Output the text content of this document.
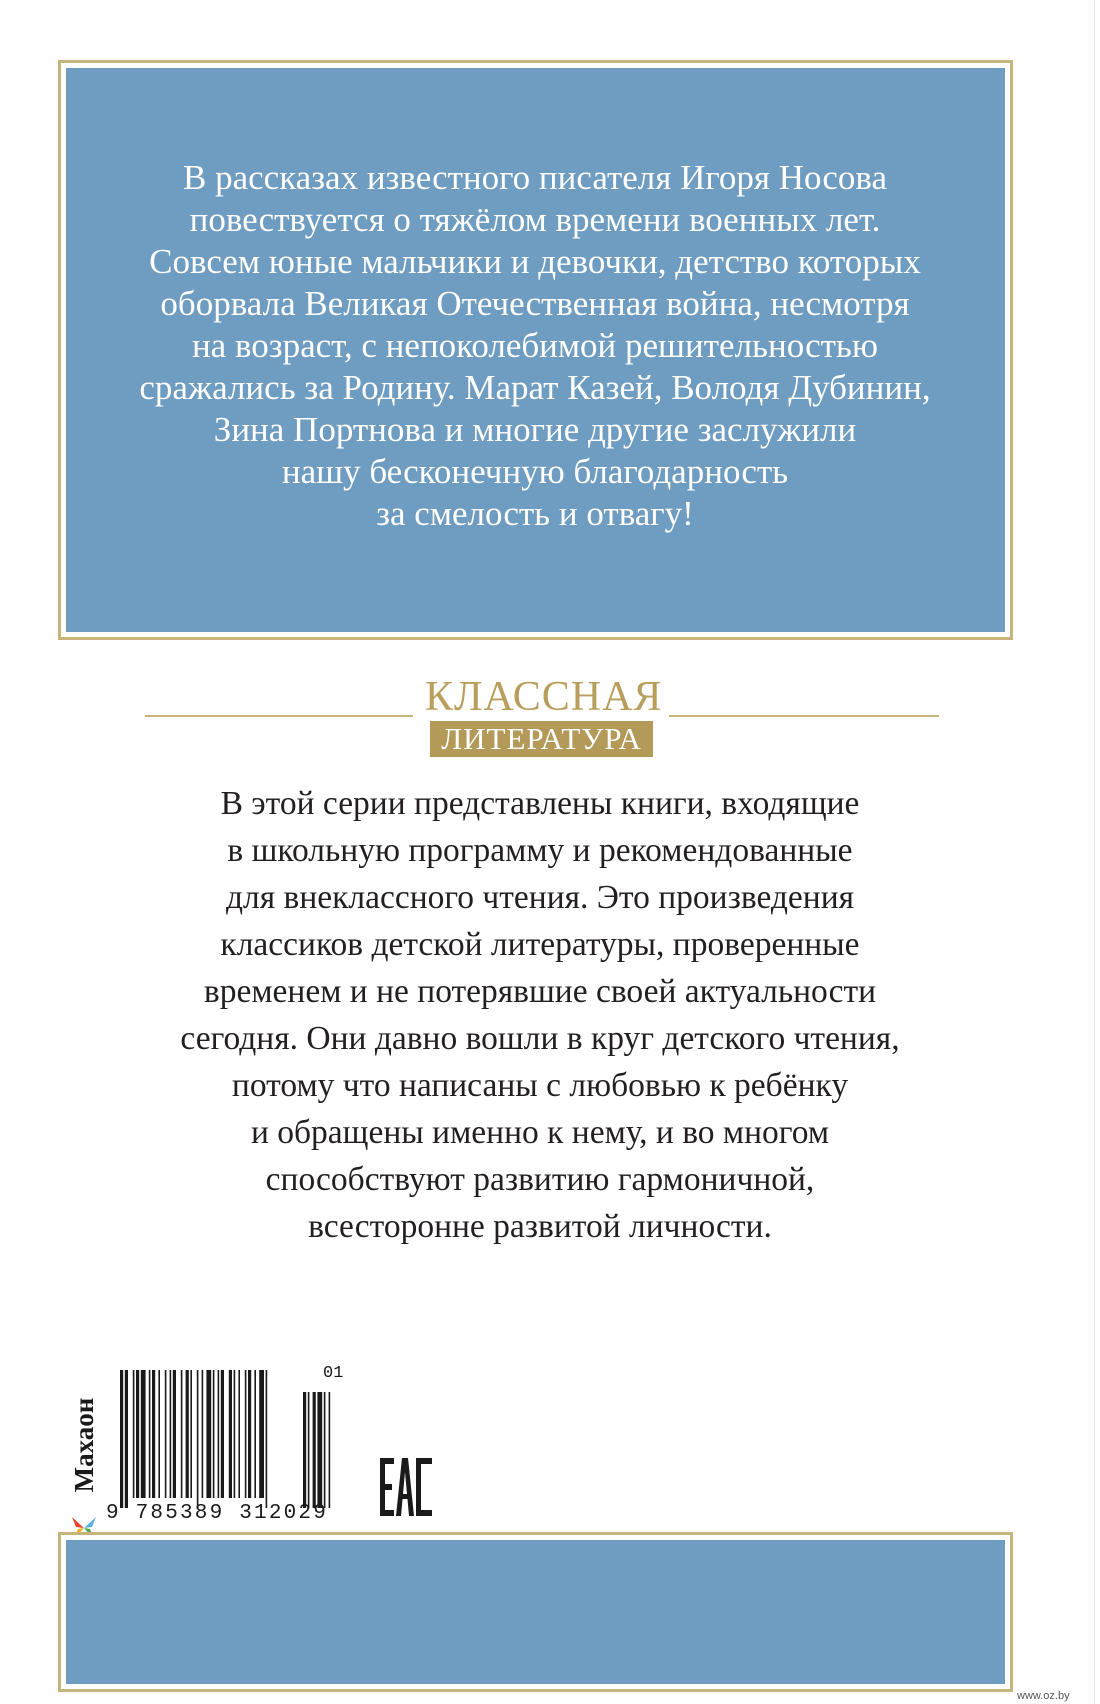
В рассказах известного писателя Игоря Носова
повествуется о тяжёлом времени военных лет.
Совсем юные мальчики и девочки, детство которых
оборвала Великая Отечественная война, несмотря
на возраст, с непоколебимой решительностью
сражались за Родину. Марат Казей, Володя Дубинин,
Зина Портнова и многие другие заслужили
нашу бесконечную благодарность
за смелость и отвагу!
КЛАССНАЯ
ЛИТЕРАТУРА
В этой серии представлены книги, входящие
в школьную программу и рекомендованные
для внеклассного чтения. Это произведения
классиков детской литературы, проверенные
временем и не потерявшие своей актуальности
сегодня. Они давно вошли в круг детского чтения,
потому что написаны с любовью к ребёнку
и обращены именно к нему, и во многом
способствуют развитию гармоничной,
всесторонне развитой личности.
Махаон
9 785389 312029
01
www.oz.by
